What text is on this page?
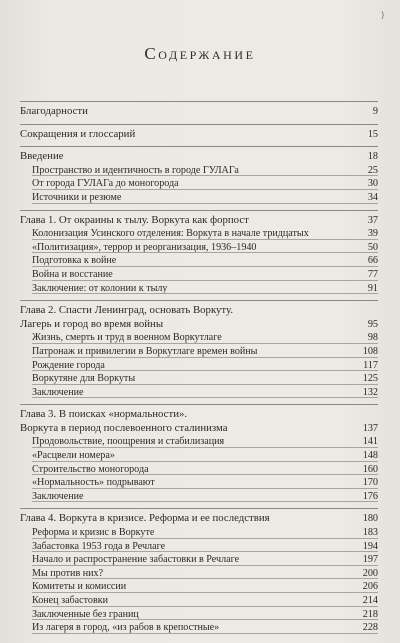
⟩
Содержание
Благодарности	9
Сокращения и глоссарий	15
Введение	18
Пространство и идентичность в городе ГУЛАГа	25
От города ГУЛАГа до моногорода	30
Источники и резюме	34
Глава 1. От окраины к тылу. Воркута как форпост	37
Колонизация Усинского отделения: Воркута в начале тридцатых	39
«Политизация», террор и реорганизация, 1936–1940	50
Подготовка к войне	66
Война и восстание	77
Заключение: от колонии к тылу	91
Глава 2. Спасти Ленинград, основать Воркуту.
Лагерь и город во время войны	95
Жизнь, смерть и труд в военном Воркутлаге	98
Патронаж и привилегии в Воркутлаге времен войны	108
Рождение города	117
Воркутяне для Воркуты	125
Заключение	132
Глава 3. В поисках «нормальности».
Воркута в период послевоенного сталинизма	137
Продовольствие, поощрения и стабилизация	141
«Расцвели номера»	148
Строительство моногорода	160
«Нормальность» подрывают	170
Заключение	176
Глава 4. Воркута в кризисе. Реформа и ее последствия	180
Реформа и кризис в Воркуте	183
Забастовка 1953 года в Речлаге	194
Начало и распространение забастовки в Речлаге	197
Мы против них?	200
Комитеты и комиссии	206
Конец забастовки	214
Заключенные без границ	218
Из лагеря в город, «из рабов в крепостные»	228
